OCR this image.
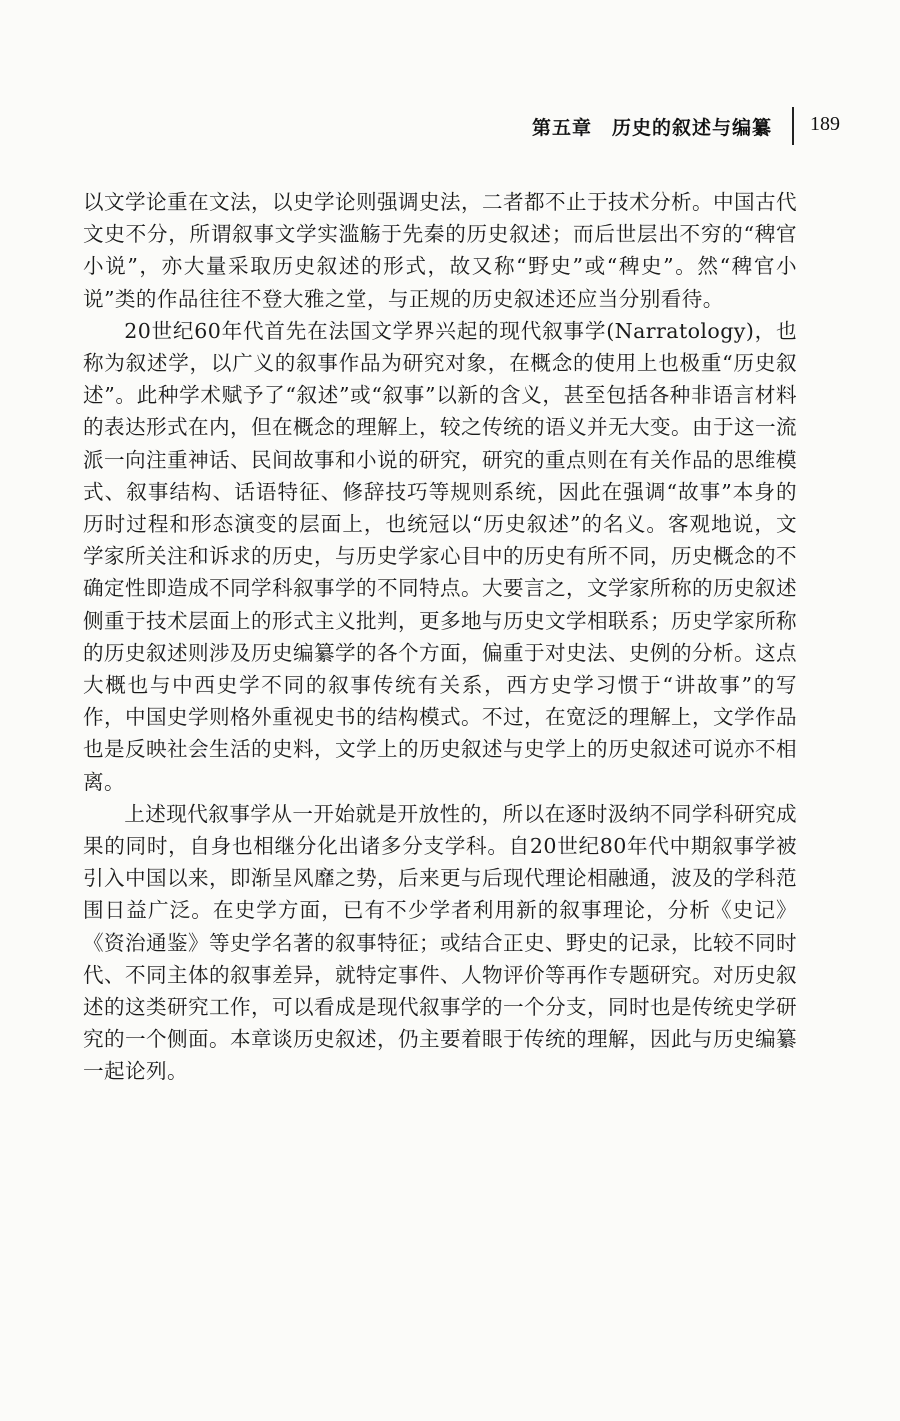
第五章　历史的叙述与编纂 189

以文学论重在文法，以史学论则强调史法，二者都不止于技术分析。中国古代文史不分，所谓叙事文学实滥觞于先秦的历史叙述；而后世层出不穷的“稗官小说”，亦大量采取历史叙述的形式，故又称“野史”或“稗史”。然“稗官小说”类的作品往往不登大雅之堂，与正规的历史叙述还应当分别看待。

20世纪60年代首先在法国文学界兴起的现代叙事学(Narratology)，也称为叙述学，以广义的叙事作品为研究对象，在概念的使用上也极重“历史叙述”。此种学术赋予了“叙述”或“叙事”以新的含义，甚至包括各种非语言材料的表达形式在内，但在概念的理解上，较之传统的语义并无大变。由于这一流派一向注重神话、民间故事和小说的研究，研究的重点则在有关作品的思维模式、叙事结构、话语特征、修辞技巧等规则系统，因此在强调“故事”本身的历时过程和形态演变的层面上，也统冠以“历史叙述”的名义。客观地说，文学家所关注和诉求的历史，与历史学家心目中的历史有所不同，历史概念的不确定性即造成不同学科叙事学的不同特点。大要言之，文学家所称的历史叙述侧重于技术层面上的形式主义批判，更多地与历史文学相联系；历史学家所称的历史叙述则涉及历史编纂学的各个方面，偏重于对史法、史例的分析。这点大概也与中西史学不同的叙事传统有关系，西方史学习惯于“讲故事”的写作，中国史学则格外重视史书的结构模式。不过，在宽泛的理解上，文学作品也是反映社会生活的史料，文学上的历史叙述与史学上的历史叙述可说亦不相离。

上述现代叙事学从一开始就是开放性的，所以在逐时汲纳不同学科研究成果的同时，自身也相继分化出诸多分支学科。自20世纪80年代中期叙事学被引入中国以来，即渐呈风靡之势，后来更与后现代理论相融通，波及的学科范围日益广泛。在史学方面，已有不少学者利用新的叙事理论，分析《史记》《资治通鉴》等史学名著的叙事特征；或结合正史、野史的记录，比较不同时代、不同主体的叙事差异，就特定事件、人物评价等再作专题研究。对历史叙述的这类研究工作，可以看成是现代叙事学的一个分支，同时也是传统史学研究的一个侧面。本章谈历史叙述，仍主要着眼于传统的理解，因此与历史编纂一起论列。
